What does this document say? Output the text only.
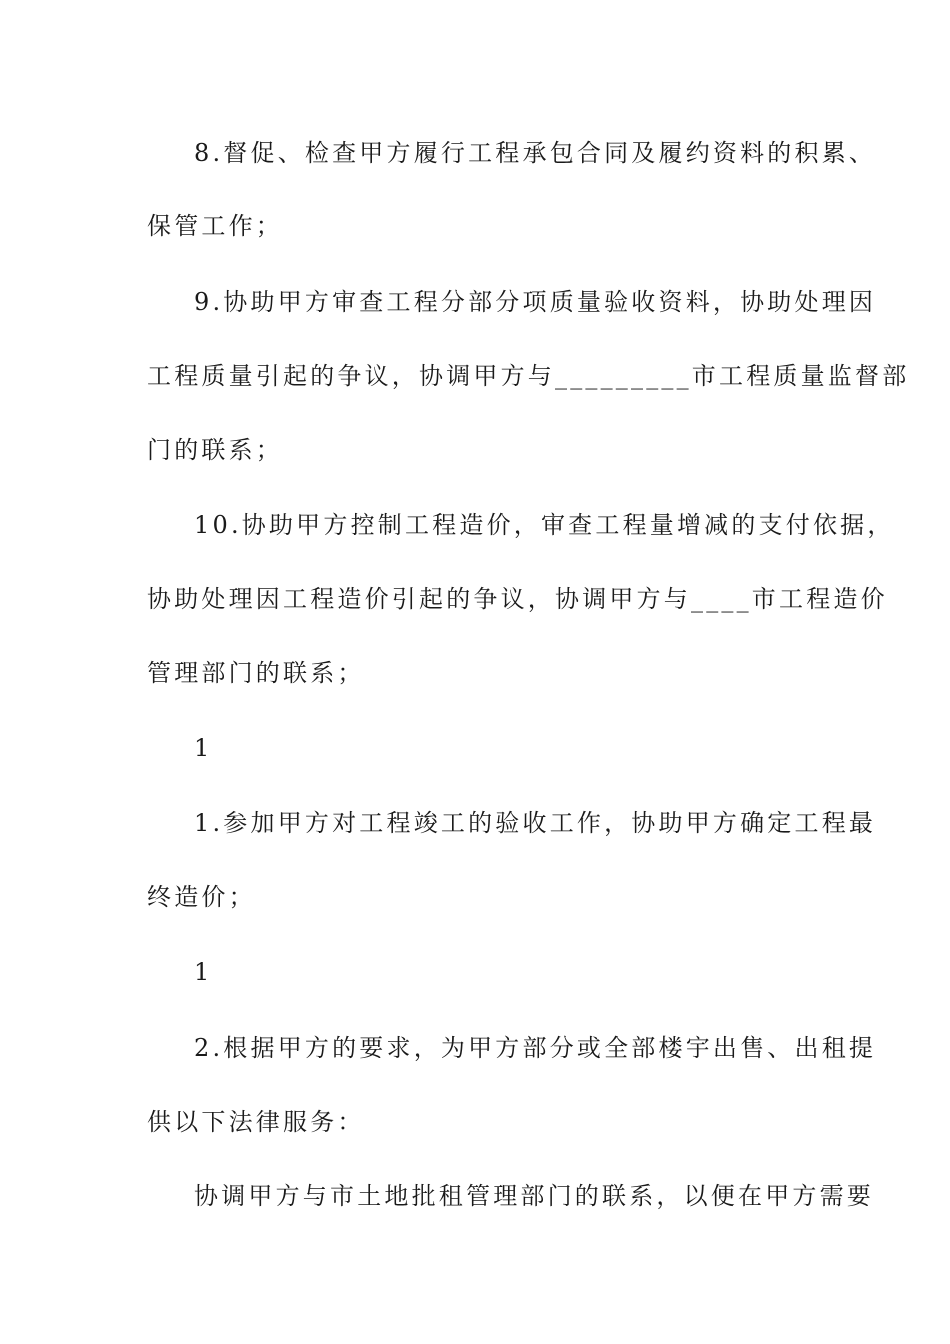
8.督促、检查甲方履行工程承包合同及履约资料的积累、
保管工作；
9.协助甲方审查工程分部分项质量验收资料，协助处理因
工程质量引起的争议，协调甲方与_________市工程质量监督部
门的联系；
10.协助甲方控制工程造价，审查工程量增减的支付依据，
协助处理因工程造价引起的争议，协调甲方与____市工程造价
管理部门的联系；
1
1.参加甲方对工程竣工的验收工作，协助甲方确定工程最
终造价；
1
2.根据甲方的要求，为甲方部分或全部楼宇出售、出租提
供以下法律服务：
协调甲方与市土地批租管理部门的联系，以便在甲方需要
